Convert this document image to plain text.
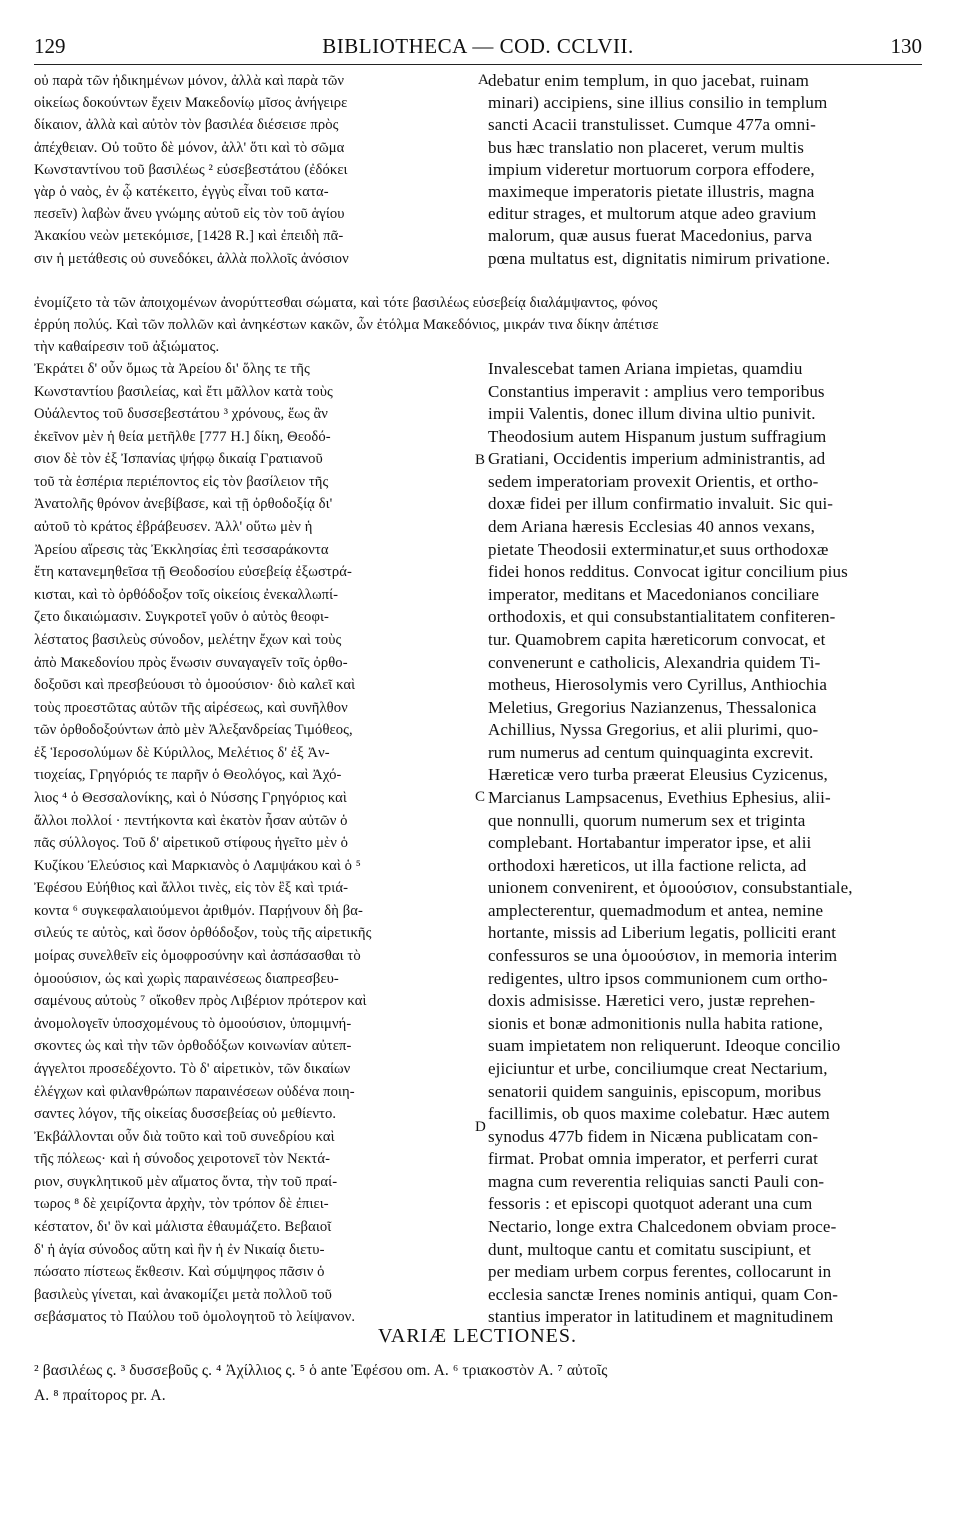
129	BIBLIOTHECA — COD. CCLVII.	130
οὐ παρὰ τῶν ἠδικημένων μόνον, ἀλλὰ καὶ παρὰ τῶν
οἰκείως δοκούντων ἔχειν Μακεδονίῳ μῖσος ἀνήγειρε
δίκαιον, ἀλλὰ καὶ αὐτὸν τὸν βασιλέα διέσεισε πρὸς
ἀπέχθειαν. Οὐ τοῦτο δὲ μόνον, ἀλλ' ὅτι καὶ τὸ σῶμα
Κωνσταντίνου τοῦ βασιλέως ² εὐσεβεστάτου (ἐδόκει
γὰρ ὁ ναὸς, ἐν ᾧ κατέκειτο, ἐγγὺς εἶναι τοῦ κατα-
πεσεῖν) λαβὼν ἄνευ γνώμης αὐτοῦ εἰς τὸν τοῦ ἁγίου
Ἀκακίου νεὼν μετεκόμισε, [1428 R.] καὶ ἐπειδὴ πᾶ-
σιν ἡ μετάθεσις οὐ συνεδόκει, ἀλλὰ πολλοῖς ἀνόσιον
debatur enim templum, in quo jacebat, ruinam
minari) accipiens, sine illius consilio in templum
sancti Acacii transtulisset. Cumque 477a omni-
bus hæc translatio non placeret, verum multis
impium videretur mortuorum corpora effodere,
maximeque imperatoris pietate illustris, magna
editur strages, et multorum atque adeo gravium
malorum, quæ ausus fuerat Macedonius, parva
pœna multatus est, dignitatis nimirum privatione.
ἐνομίζετο τὰ τῶν ἀποιχομένων ἀνορύττεσθαι σώματα, καὶ τότε βασιλέως εὐσεβείᾳ διαλάμψαντος, φόνος
ἐρρύη πολύς. Καὶ τῶν πολλῶν καὶ ἀνηκέστων κακῶν, ὧν ἐτόλμα Μακεδόνιος, μικράν τινα δίκην ἀπέτισε
τὴν καθαίρεσιν τοῦ ἀξιώματος.
Ἐκράτει δ' οὖν ὅμως τὰ Ἀρείου δι' ὅλης τε τῆς
Κωνσταντίου βασιλείας, καὶ ἔτι μᾶλλον κατὰ τοὺς
Οὐάλεντος τοῦ δυσσεβεστάτου ³ χρόνους, ἕως ἂν
ἐκεῖνον μὲν ἡ θεία μετῆλθε [777 H.] δίκη, Θεοδό-
σιον δὲ τὸν ἐξ Ἰσπανίας ψήφῳ δικαίᾳ Γρατιανοῦ
τοῦ τὰ ἑσπέρια περιέποντος εἰς τὸν βασίλειον τῆς
Ἀνατολῆς θρόνον ἀνεβίβασε, καὶ τῇ ὀρθοδοξίᾳ δι'
αὐτοῦ τὸ κράτος ἐβράβευσεν. Ἀλλ' οὕτω μὲν ἡ
Ἀρείου αἵρεσις τὰς Ἐκκλησίας ἐπὶ τεσσαράκοντα
ἔτη κατανεμηθεῖσα τῇ Θεοδοσίου εὐσεβείᾳ ἐξωστρά-
κισται, καὶ τὸ ὀρθόδοξον τοῖς οἰκείοις ἐνεκαλλωπί-
ζετο δικαιώμασιν. Συγκροτεῖ γοῦν ὁ αὐτὸς θεοφι-
λέστατος βασιλεὺς σύνοδον, μελέτην ἔχων καὶ τοὺς
ἀπὸ Μακεδονίου πρὸς ἕνωσιν συναγαγεῖν τοῖς ὀρθο-
δοξοῦσι καὶ πρεσβεύουσι τὸ ὁμοούσιον· διὸ καλεῖ καὶ
τοὺς προεστῶτας αὐτῶν τῆς αἱρέσεως, καὶ συνῆλθον
τῶν ὀρθοδοξούντων ἀπὸ μὲν Ἀλεξανδρείας Τιμόθεος,
ἐξ Ἱεροσολύμων δὲ Κύριλλος, Μελέτιος δ' ἐξ Ἀν-
τιοχείας, Γρηγόριός τε παρῆν ὁ Θεολόγος, καὶ Ἀχό-
λιος ⁴ ὁ Θεσσαλονίκης, καὶ ὁ Νύσσης Γρηγόριος καὶ
ἄλλοι πολλοί · πεντήκοντα καὶ ἑκατὸν ἦσαν αὐτῶν ὁ
πᾶς σύλλογος. Τοῦ δ' αἱρετικοῦ στίφους ἡγεῖτο μὲν ὁ
Κυζίκου Ἐλεύσιος καὶ Μαρκιανὸς ὁ Λαμψάκου καὶ ὁ ⁵
Ἐφέσου Εὐήθιος καὶ ἄλλοι τινὲς, εἰς τὸν ἓξ καὶ τριά-
κοντα ⁶ συγκεφαλαιούμενοι ἀριθμόν. Παρῄνουν δὴ βα-
σιλεύς τε αὐτὸς, καὶ ὅσον ὀρθόδοξον, τοὺς τῆς αἱρετικῆς
μοίρας συνελθεῖν εἰς ὁμοφροσύνην καὶ ἀσπάσασθαι τὸ
ὁμοούσιον, ὡς καὶ χωρὶς παραινέσεως διαπρεσβευ-
σαμένους αὐτοὺς ⁷ οἴκοθεν πρὸς Λιβέριον πρότερον καὶ
ἀνομολογεῖν ὑποσχομένους τὸ ὁμοούσιον, ὑπομιμνή-
σκοντες ὡς καὶ τὴν τῶν ὀρθοδόξων κοινωνίαν αὐτεπ-
άγγελτοι προσεδέχοντο. Τὸ δ' αἱρετικὸν, τῶν δικαίων
ἐλέγχων καὶ φιλανθρώπων παραινέσεων οὐδένα ποιη-
σαντες λόγον, τῆς οἰκείας δυσσεβείας οὐ μεθίεντο.
Ἐκβάλλονται οὖν διὰ τοῦτο καὶ τοῦ συνεδρίου καὶ
τῆς πόλεως· καὶ ἡ σύνοδος χειροτονεῖ τὸν Νεκτά-
ριον, συγκλητικοῦ μὲν αἵματος ὄντα, τὴν τοῦ πραί-
τωρος ⁸ δὲ χειρίζοντα ἀρχὴν, τὸν τρόπον δὲ ἐπιει-
κέστατον, δι' ὃν καὶ μάλιστα ἐθαυμάζετο. Βεβαιοῖ
δ' ἡ ἁγία σύνοδος αὕτη καὶ ἣν ἡ ἐν Νικαίᾳ διετυ-
πώσατο πίστεως ἔκθεσιν. Καὶ σύμψηφος πᾶσιν ὁ
βασιλεὺς γίνεται, καὶ ἀνακομίζει μετὰ πολλοῦ τοῦ
σεβάσματος τὸ Παύλου τοῦ ὁμολογητοῦ τὸ λείψανον.
Invalescebat tamen Ariana impietas, quamdiu
Constantius imperavit : amplius vero temporibus
impii Valentis, donec illum divina ultio punivit.
Theodosium autem Hispanum justum suffragium
Gratiani, Occidentis imperium administrantis, ad
sedem imperatoriam provexit Orientis, et ortho-
doxæ fidei per illum confirmatio invaluit. Sic qui-
dem Ariana hæresis Ecclesias 40 annos vexans,
pietate Theodosii exterminatur,et suus orthodoxæ
fidei honos redditus. Convocat igitur concilium pius
imperator, meditans et Macedonianos conciliare
orthodoxis, et qui consubstantialitatem confiteren-
tur. Quamobrem capita hæreticorum convocat, et
convenerunt e catholicis, Alexandria quidem Ti-
motheus, Hierosolymis vero Cyrillus, Anthiochia
Meletius, Gregorius Nazianzenus, Thessalonica
Achillius, Nyssa Gregorius, et alii plurimi, quo-
rum numerus ad centum quinquaginta excrevit.
Hæreticæ vero turba præerat Eleusius Cyzicenus,
Marcianus Lampsacenus, Evethius Ephesius, alii-
que nonnulli, quorum numerum sex et triginta
complebant. Hortabantur imperator ipse, et alii
orthodoxi hæreticos, ut illa factione relicta, ad
unionem convenirent, et ὁμοούσιον, consubstantiale,
amplecterentur, quemadmodum et antea, nemine
hortante, missis ad Liberium legatis, polliciti erant
confessuros se una ὁμοούσιον, in memoria interim
redigentes, ultro ipsos communionem cum ortho-
doxis admisisse. Hæretici vero, justæ reprehen-
sionis et bonæ admonitionis nulla habita ratione,
suam impietatem non reliquerunt. Ideoque concilio
ejiciuntur et urbe, conciliumque creat Nectarium,
senatorii quidem sanguinis, episcopum, moribus
facillimis, ob quos maxime colebatur. Hæc autem
synodus 477b fidem in Nicæna publicatam con-
firmat. Probat omnia imperator, et perferri curat
magna cum reverentia reliquias sancti Pauli con-
fessoris : et episcopi quotquot aderant una cum
Nectario, longe extra Chalcedonem obviam proce-
dunt, multoque cantu et comitatu suscipiunt, et
per mediam urbem corpus ferentes, collocarunt in
ecclesia sanctæ Irenes nominis antiqui, quam Con-
stantius imperator in latitudinem et magnitudinem
A
B
C
D
VARIÆ LECTIONES.
² βασιλέως ς. ³ δυσσεβοῦς ς. ⁴ Ἀχίλλιος ς. ⁵ ὁ ante Ἐφέσου om. A. ⁶ τριακοστὸν A. ⁷ αὐτοῖς
A. ⁸ πραίτορος pr. A.
